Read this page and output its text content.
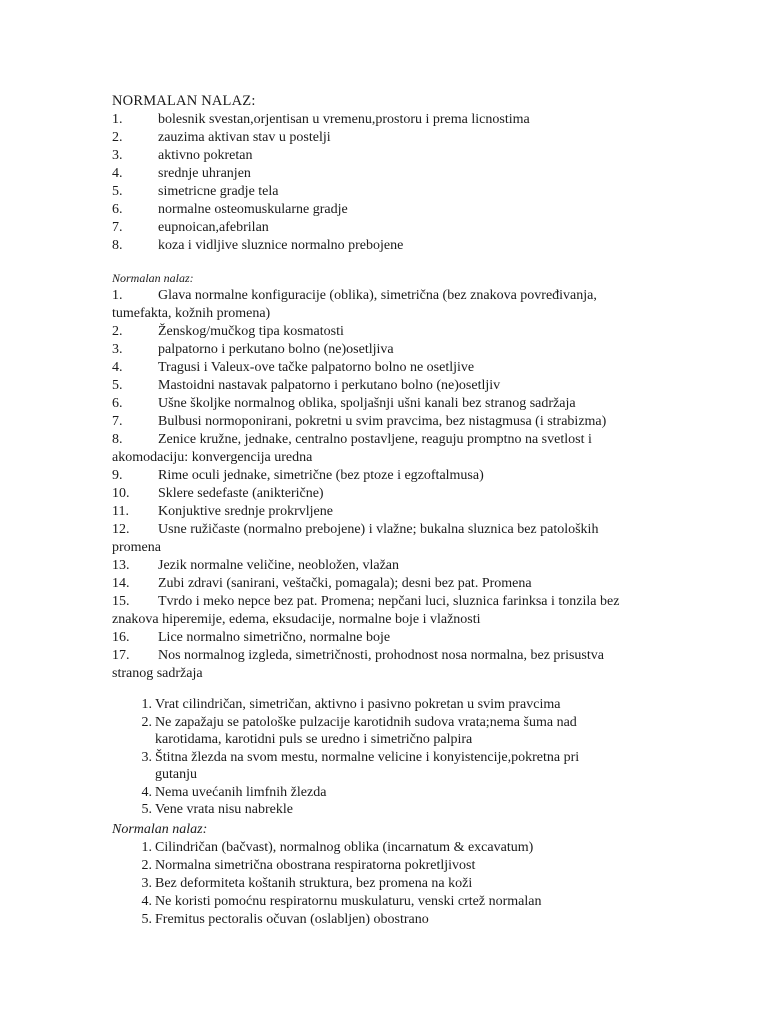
NORMALAN NALAZ:
1.	bolesnik svestan,orjentisan u vremenu,prostoru i prema licnostima
2.	zauzima aktivan stav u postelji
3.	aktivno pokretan
4.	srednje uhranjen
5.	simetricne gradje tela
6.	normalne osteomuskularne gradje
7.	eupnoican,afebrilan
8.	koza i vidljive sluznice normalno prebojene
Normalan nalaz:
1.	Glava normalne konfiguracije (oblika), simetrična (bez znakova povređivanja,
tumefakta, kožnih promena)
2.	Ženskog/mučkog tipa kosmatosti
3.	palpatorno i perkutano bolno (ne)osetljiva
4.	Tragusi i Valeux-ove tačke palpatorno bolno ne osetljive
5.	Mastoidni nastavak palpatorno i perkutano bolno (ne)osetljiv
6.	Ušne školjke normalnog oblika, spoljašnji ušni kanali bez stranog sadržaja
7.	Bulbusi normoponirani, pokretni u svim pravcima, bez nistagmusa (i strabizma)
8.	Zenice kružne, jednake, centralno postavljene, reaguju promptno na svetlost i
akomodaciju: konvergencija uredna
9.	Rime oculi jednake, simetrične (bez ptoze i egzoftalmusa)
10. Sklere sedefaste (anikterične)
11. Konjuktive srednje prokrvljene
12. Usne ružičaste (normalno prebojene) i vlažne; bukalna sluznica bez patoloških
promena
13. Jezik normalne veličine, neobložen, vlažan
14. Zubi zdravi (sanirani, veštački, pomagala); desni bez pat. Promena
15. Tvrdo i meko nepce bez pat. Promena; nepčani luci, sluznica farinksa i tonzila bez
znakova hiperemije, edema, eksudacije, normalne boje i vlažnosti
16. Lice normalno simetrično, normalne boje
17. Nos normalnog izgleda, simetričnosti, prohodnost nosa normalna, bez prisustva
stranog sadržaja
1. Vrat cilindričan, simetričan, aktivno i pasivno pokretan u svim pravcima
2. Ne zapažaju se patološke pulzacije karotidnih sudova vrata;nema šuma nad
karotidama, karotidni puls se uredno i simetrično palpira
3. Štitna žlezda na svom mestu, normalne velicine i konyistencije,pokretna pri
gutanju
4. Nema uvećanih limfnih žlezda
5. Vene vrata nisu nabrekle
Normalan nalaz:
1. Cilindričan (bačvast), normalnog oblika (incarnatum & excavatum)
2. Normalna simetrična obostrana respiratorna pokretljivost
3. Bez deformiteta koštanih struktura, bez promena na koži
4. Ne koristi pomoćnu respiratornu muskulaturu, venski crtež normalan
5. Fremitus pectoralis očuvan (oslabljen) obostrano
